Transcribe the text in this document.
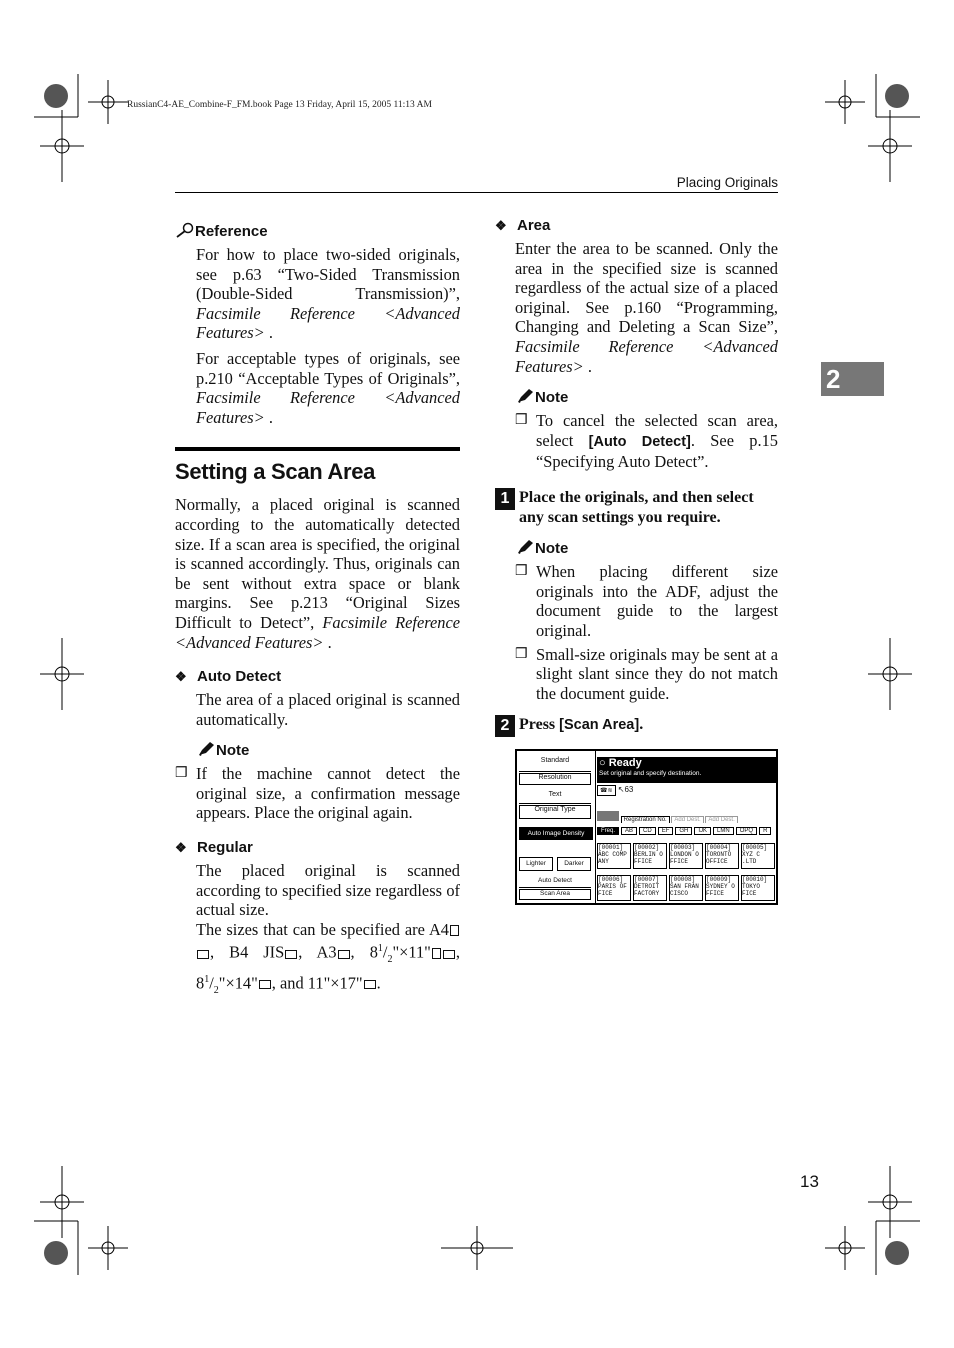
RussianC4-AE_Combine-F_FM.book Page 13 Friday, April 15, 2005 11:13 AM
Placing Originals
2
13
Reference

For how to place two-sided originals, see p.63 “Two-Sided Transmission (Double-Sided Transmission)”, Facsimile Reference <Advanced Features> .

For acceptable types of originals, see p.210 “Acceptable Types of Originals”, Facsimile Reference <Advanced Features> .

Setting a Scan Area

Normally, a placed original is scanned according to the automatically detected size. If a scan area is specified, the original is scanned accordingly. Thus, originals can be sent without extra space or blank margins. See p.213 “Original Sizes Difficult to Detect”, Facsimile Reference <Advanced Features> .

❖ Auto Detect

The area of a placed original is scanned automatically.

Note
❒ If the machine cannot detect the original size, a confirmation message appears. Place the original again.

❖ Regular

The placed original is scanned according to specified size regardless of actual size.

The sizes that can be specified are A4, B4 JIS , A3 , $8^1/_2"\times 11$" , $8^1/_2"\times 14$" , and 11"×17" .

❖ Area

Enter the area to be scanned. Only the area in the specified size is scanned regardless of the actual size of a placed original. See p.160 “Programming, Changing and Deleting a Scan Size”, Facsimile Reference <Advanced Features> .

Note
❒ To cancel the selected scan area, select [Auto Detect]. See p.15 “Specifying Auto Detect”.

1 Place the originals, and then select any scan settings you require.
Note
❒ When placing different size originals into the ADF, adjust the document guide to the largest original.

❒ Small-size originals may be sent at a slight slant since they do not match the document guide.

2 Press [Scan Area].
Standard
Resolution
Text
Original Type
Auto Image Density
Lighter	Darker
Auto Detect
Scan Area
○ Ready
Set original and specify destination.
☎≋ ↖63
Registration No. Add Dest. Add Dest.
Freq. AB CD EF GH IJK LMN OPQ R
[00001]
ABC COMP ANY
[00002]
BERLIN O FFICE
[00003]
LONDON O FFICE
[00004]
TORONTO OFFICE
[00005]
XYZ C .LTD
[00006]
PARIS OF FICE
[00007]
DETROIT FACTORY
[00008]
SAN FRAN CISCO
[00009]
SYDNEY O FFICE
[00010]
TOKYO FICE
